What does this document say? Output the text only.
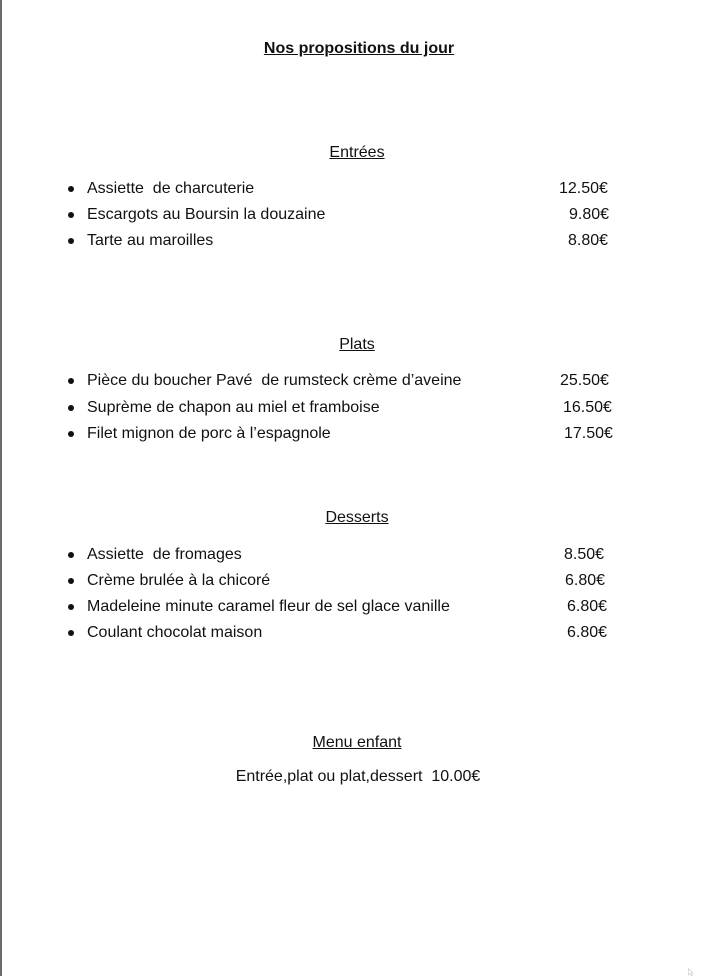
Nos propositions du jour
Entrées
Assiette  de charcuterie	12.50€
Escargots au Boursin la douzaine	9.80€
Tarte au maroilles	8.80€
Plats
Pièce du boucher Pavé  de rumsteck crème d’aveine	25.50€
Suprème de chapon au miel et framboise	16.50€
Filet mignon de porc à l’espagnole	17.50€
Desserts
Assiette  de fromages	8.50€
Crème brulée à la chicoré	6.80€
Madeleine minute caramel fleur de sel glace vanille	6.80€
Coulant chocolat maison	6.80€
Menu enfant
Entrée,plat ou plat,dessert  10.00€
